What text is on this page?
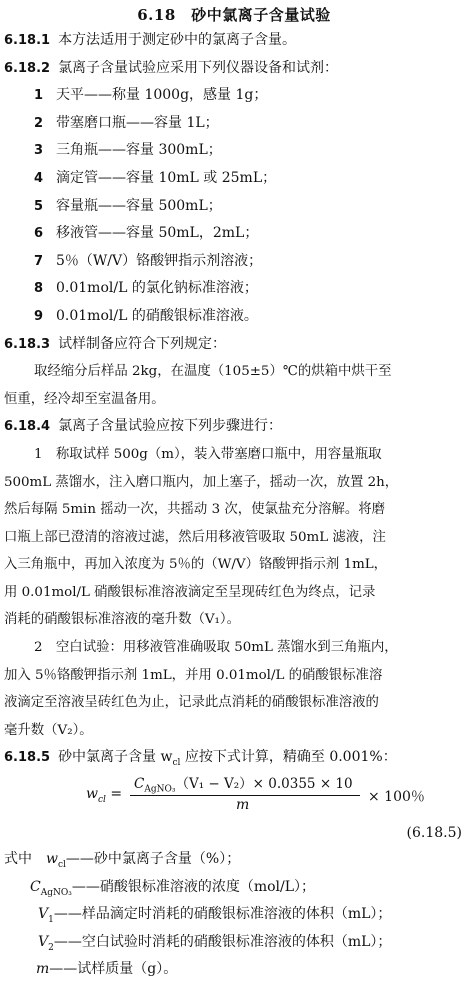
6.18　砂中氯离子含量试验
6.18.1 本方法适用于测定砂中的氯离子含量。
6.18.2 氯离子含量试验应采用下列仪器设备和试剂：
1 天平——称量 1000g，感量 1g；
2 带塞磨口瓶——容量 1L；
3 三角瓶——容量 300mL；
4 滴定管——容量 10mL 或 25mL；
5 容量瓶——容量 500mL；
6 移液管——容量 50mL，2mL；
7 5％（W/V）铬酸钾指示剂溶液；
8 0.01mol/L 的氯化钠标准溶液；
9 0.01mol/L 的硝酸银标准溶液。
6.18.3 试样制备应符合下列规定：
取经缩分后样品 2kg，在温度（105±5）℃的烘箱中烘干至
恒重，经冷却至室温备用。
6.18.4 氯离子含量试验应按下列步骤进行：
1　称取试样 500g（m），装入带塞磨口瓶中，用容量瓶取
500mL 蒸馏水，注入磨口瓶内，加上塞子，摇动一次，放置 2h，
然后每隔 5min 摇动一次，共摇动 3 次，使氯盐充分溶解。将磨
口瓶上部已澄清的溶液过滤，然后用移液管吸取 50mL 滤液，注
入三角瓶中，再加入浓度为 5％的（W/V）铬酸钾指示剂 1mL，
用 0.01mol/L 硝酸银标准溶液滴定至呈现砖红色为终点，记录
消耗的硝酸银标准溶液的毫升数（V₁）。
2　空白试验：用移液管准确吸取 50mL 蒸馏水到三角瓶内，
加入 5％铬酸钾指示剂 1mL，并用 0.01mol/L 的硝酸银标准溶
液滴定至溶液呈砖红色为止，记录此点消耗的硝酸银标准溶液的
毫升数（V₂）。
6.18.5 砂中氯离子含量 $w_{cl}$ 应按下式计算，精确至 0.001%：
$w_{cl}$ =
$C_{AgNO_3}(V_1 - V_2)\times 0.0355 \times 10$
m	× 100％
(6.18.5)
式中　$w_{cl}——$砂中氯离子含量（%）；
$C_{AgNO_3}——$硝酸银标准溶液的浓度（mol/L）；
$V_1——$样品滴定时消耗的硝酸银标准溶液的体积（mL）；
$V_2——$空白试验时消耗的硝酸银标准溶液的体积（mL）；
m——试样质量（g）。
